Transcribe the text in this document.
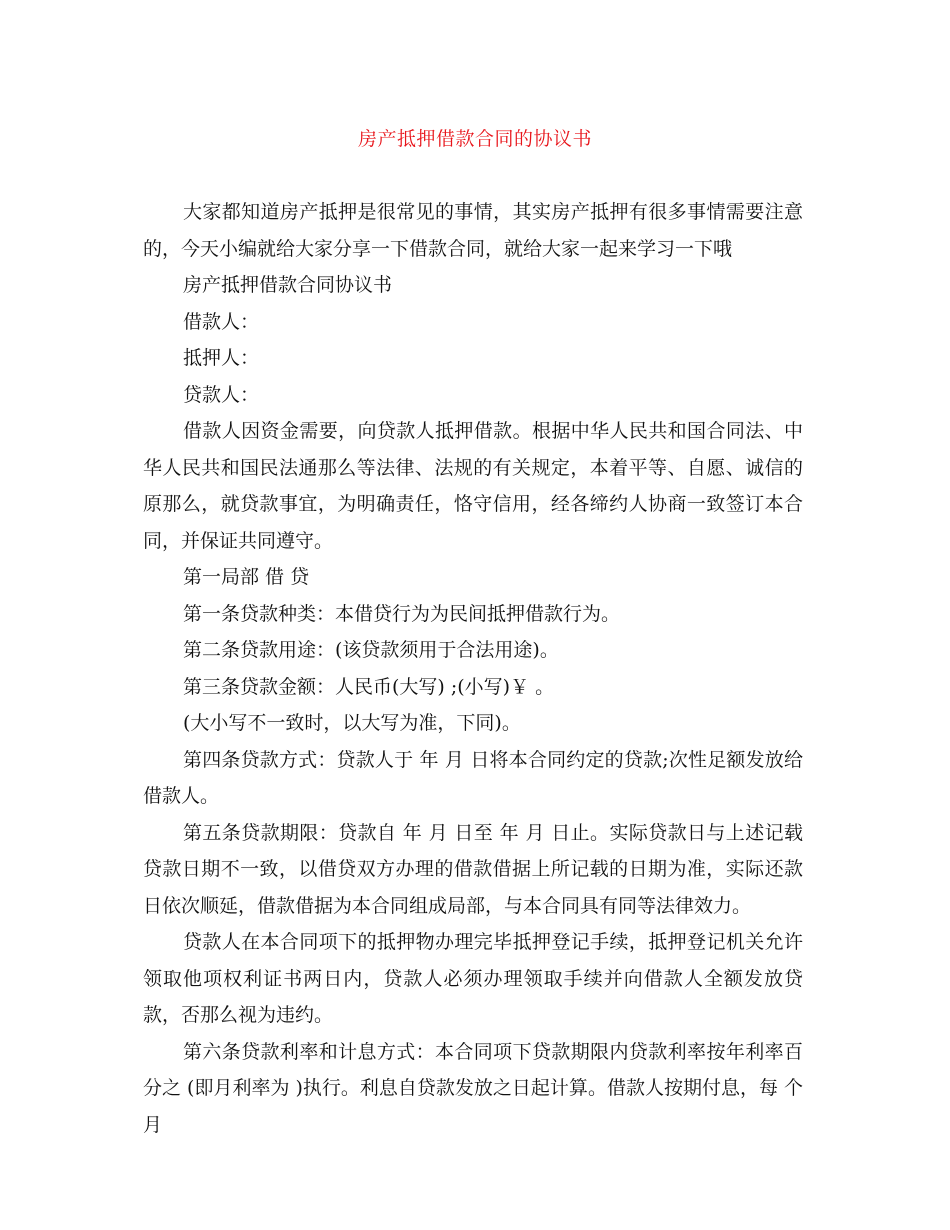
房产抵押借款合同的协议书

大家都知道房产抵押是很常见的事情，其实房产抵押有很多事情需要注意的，今天小编就给大家分享一下借款合同，就给大家一起来学习一下哦

房产抵押借款合同协议书

借款人：

抵押人：

贷款人：

借款人因资金需要，向贷款人抵押借款。根据中华人民共和国合同法、中华人民共和国民法通那么等法律、法规的有关规定，本着平等、自愿、诚信的原那么，就贷款事宜，为明确责任，恪守信用，经各缔约人协商一致签订本合同，并保证共同遵守。

第一局部 借 贷

第一条贷款种类：本借贷行为为民间抵押借款行为。

第二条贷款用途：(该贷款须用于合法用途)。

第三条贷款金额：人民币(大写) ;(小写)￥ 。

(大小写不一致时，以大写为准，下同)。

第四条贷款方式：贷款人于 年 月 日将本合同约定的贷款;次性足额发放给借款人。

第五条贷款期限：贷款自 年 月 日至 年 月 日止。实际贷款日与上述记载贷款日期不一致，以借贷双方办理的借款借据上所记载的日期为准，实际还款日依次顺延，借款借据为本合同组成局部，与本合同具有同等法律效力。

贷款人在本合同项下的抵押物办理完毕抵押登记手续，抵押登记机关允许领取他项权利证书两日内，贷款人必须办理领取手续并向借款人全额发放贷款，否那么视为违约。

第六条贷款利率和计息方式：本合同项下贷款期限内贷款利率按年利率百分之 (即月利率为 )执行。利息自贷款发放之日起计算。借款人按期付息，每 个月
